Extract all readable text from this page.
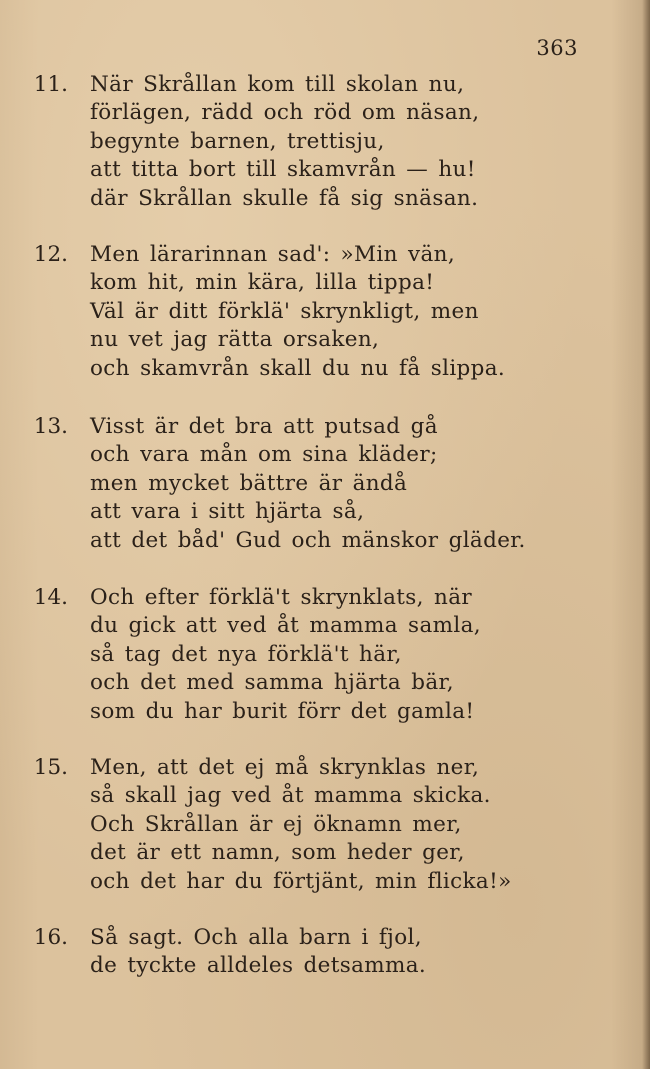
363
11. När Skrållan kom till skolan nu,
förlägen, rädd och röd om näsan,
begynte barnen, trettisju,
att titta bort till skamvrån — hu!
där Skrållan skulle få sig snäsan.
12. Men lärarinnan sad': »Min vän,
kom hit, min kära, lilla tippa!
Väl är ditt förklä' skrynkligt, men
nu vet jag rätta orsaken,
och skamvrån skall du nu få slippa.
13. Visst är det bra att putsad gå
och vara mån om sina kläder;
men mycket bättre är ändå
att vara i sitt hjärta så,
att det båd' Gud och mänskor gläder.
14. Och efter förklä't skrynklats, när
du gick att ved åt mamma samla,
så tag det nya förklä't här,
och det med samma hjärta bär,
som du har burit förr det gamla!
15. Men, att det ej må skrynklas ner,
så skall jag ved åt mamma skicka.
Och Skrållan är ej öknamn mer,
det är ett namn, som heder ger,
och det har du förtjänt, min flicka!»
16. Så sagt. Och alla barn i fjol,
de tyckte alldeles detsamma.
